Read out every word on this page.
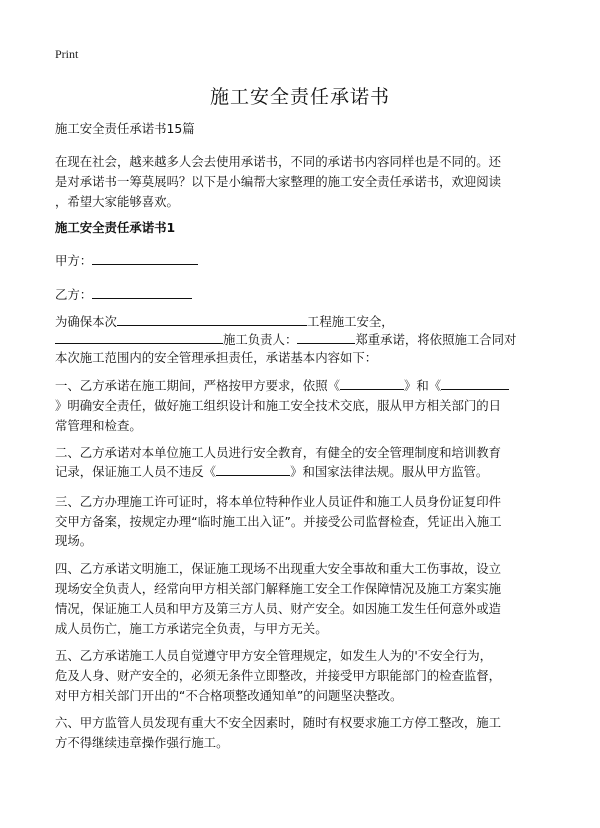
Print
施工安全责任承诺书
施工安全责任承诺书15篇
在现在社会，越来越多人会去使用承诺书，不同的承诺书内容同样也是不同的。还
是对承诺书一筹莫展吗？以下是小编帮大家整理的施工安全责任承诺书，欢迎阅读
，希望大家能够喜欢。
施工安全责任承诺书1
甲方：
乙方：
为确保本次	工程施工安全，
施工负责人：	郑重承诺，将依照施工合同对
本次施工范围内的安全管理承担责任，承诺基本内容如下：
一、乙方承诺在施工期间，严格按甲方要求，依照《	》和《
》明确安全责任，做好施工组织设计和施工安全技术交底，服从甲方相关部门的日
常管理和检查。
二、乙方承诺对本单位施工人员进行安全教育，有健全的安全管理制度和培训教育
记录，保证施工人员不违反《	》和国家法律法规。服从甲方监管。
三、乙方办理施工许可证时，将本单位特种作业人员证件和施工人员身份证复印件
交甲方备案，按规定办理“临时施工出入证”。并接受公司监督检查，凭证出入施工
现场。
四、乙方承诺文明施工，保证施工现场不出现重大安全事故和重大工伤事故，设立
现场安全负责人，经常向甲方相关部门解释施工安全工作保障情况及施工方案实施
情况，保证施工人员和甲方及第三方人员、财产安全。如因施工发生任何意外或造
成人员伤亡，施工方承诺完全负责，与甲方无关。
五、乙方承诺施工人员自觉遵守甲方安全管理规定，如发生人为的'不安全行为，
危及人身、财产安全的，必须无条件立即整改，并接受甲方职能部门的检查监督，
对甲方相关部门开出的“不合格项整改通知单”的问题坚决整改。
六、甲方监管人员发现有重大不安全因素时，随时有权要求施工方停工整改，施工
方不得继续违章操作强行施工。
